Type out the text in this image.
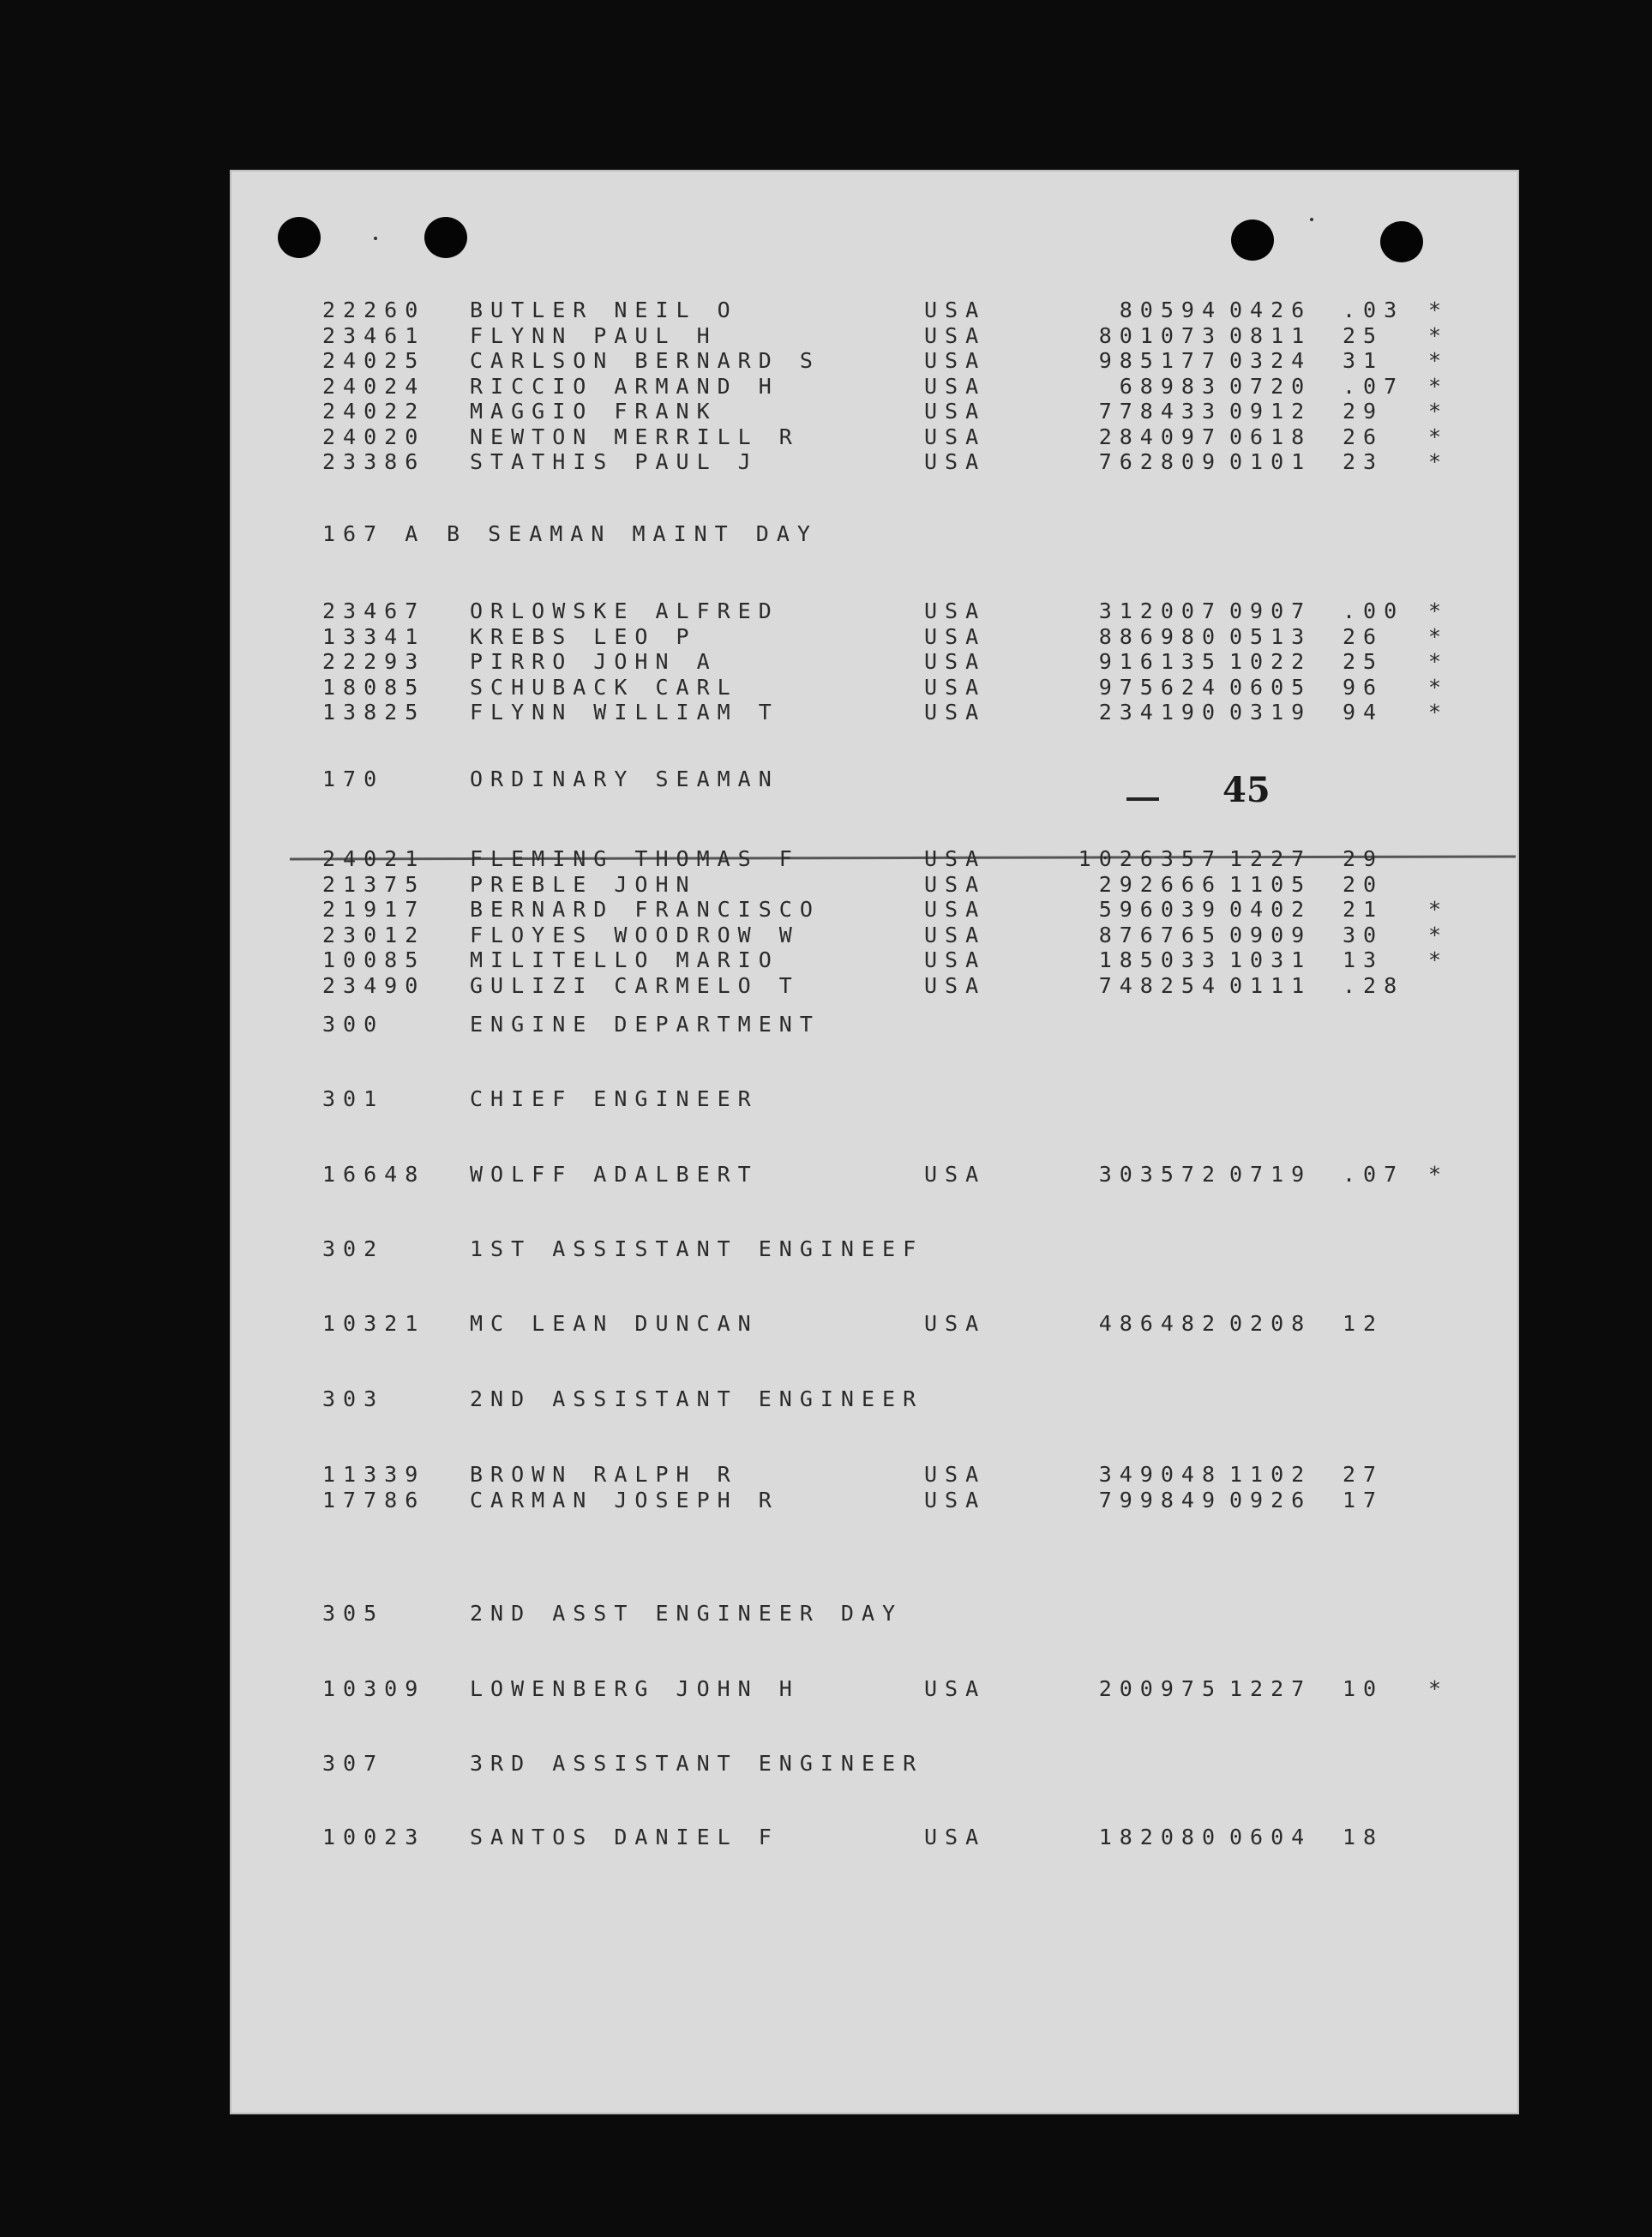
45
22260 BUTLER NEIL O	USA	80594 0426 .03 *
23461 FLYNN PAUL H	USA	801073 0811 25 *
24025 CARLSON BERNARD S	USA	985177 0324 31 *
24024 RICCIO ARMAND H	USA	68983 0720 .07 *
24022 MAGGIO FRANK	USA	778433 0912 29 *
24020 NEWTON MERRILL R	USA	284097 0618 26 *
23386 STATHIS PAUL J	USA	762809 0101 23 *
167 A B SEAMAN MAINT DAY
23467 ORLOWSKE ALFRED	USA	312007 0907 .00 *
13341 KREBS LEO P	USA	886980 0513 26 *
22293 PIRRO JOHN A	USA	916135 1022 25 *
18085 SCHUBACK CARL	USA	975624 0605 96 *
13825 FLYNN WILLIAM T	USA	234190 0319 94 *
170	ORDINARY SEAMAN
24021 FLEMING THOMAS F	USA	1026357 1227 29
21375 PREBLE JOHN	USA	292666 1105 20
21917 BERNARD FRANCISCO	USA	596039 0402 21 *
23012 FLOYES WOODROW W	USA	876765 0909 30 *
10085 MILITELLO MARIO	USA	185033 1031 13 *
23490 GULIZI CARMELO T	USA	748254 0111 .28
300	ENGINE DEPARTMENT
301	CHIEF ENGINEER
16648 WOLFF ADALBERT	USA	303572 0719 .07 *
302	1ST ASSISTANT ENGINEEF
10321 MC LEAN DUNCAN	USA	486482 0208 12
303	2ND ASSISTANT ENGINEER
11339 BROWN RALPH R	USA	349048 1102 27
17786 CARMAN JOSEPH R	USA	799849 0926 17
305	2ND ASST ENGINEER DAY
10309 LOWENBERG JOHN H	USA	200975 1227 10 *
307	3RD ASSISTANT ENGINEER
10023 SANTOS DANIEL F	USA	182080 0604 18
